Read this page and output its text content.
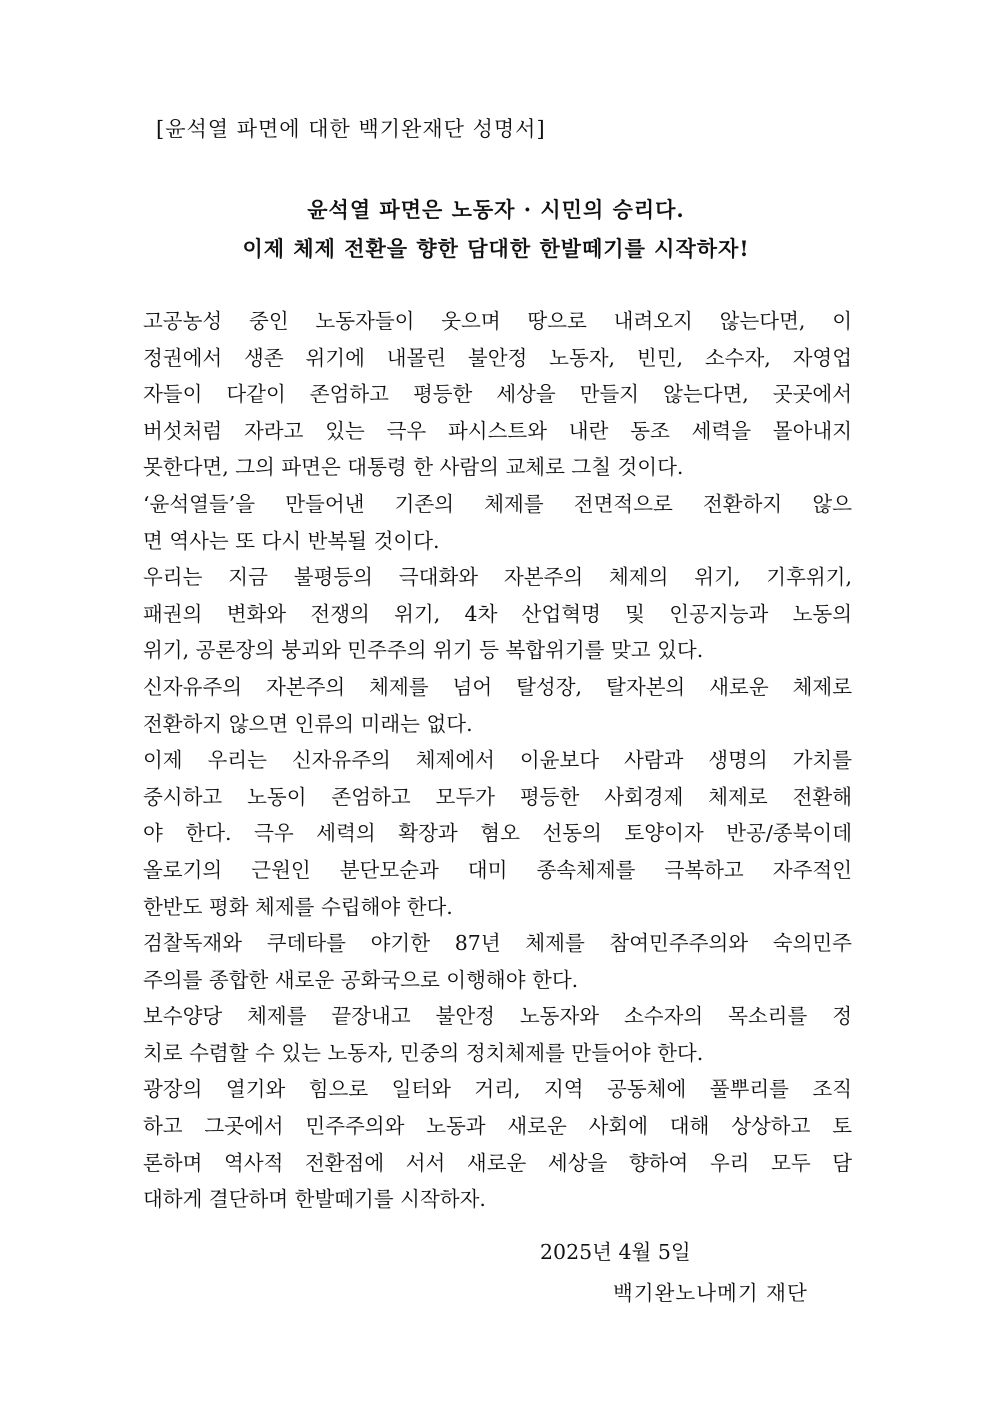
[윤석열 파면에 대한 백기완재단 성명서]
윤석열 파면은 노동자 · 시민의 승리다.
이제 체제 전환을 향한 담대한 한발떼기를 시작하자!
고공농성 중인 노동자들이 웃으며 땅으로 내려오지 않는다면, 이
정권에서 생존 위기에 내몰린 불안정 노동자, 빈민, 소수자, 자영업
자들이 다같이 존엄하고 평등한 세상을 만들지 않는다면, 곳곳에서
버섯처럼 자라고 있는 극우 파시스트와 내란 동조 세력을 몰아내지
못한다면, 그의 파면은 대통령 한 사람의 교체로 그칠 것이다.
‘윤석열들’을 만들어낸 기존의 체제를 전면적으로 전환하지 않으
면 역사는 또 다시 반복될 것이다.
우리는 지금 불평등의 극대화와 자본주의 체제의 위기, 기후위기,
패권의 변화와 전쟁의 위기, 4차 산업혁명 및 인공지능과 노동의
위기, 공론장의 붕괴와 민주주의 위기 등 복합위기를 맞고 있다.
신자유주의 자본주의 체제를 넘어 탈성장, 탈자본의 새로운 체제로
전환하지 않으면 인류의 미래는 없다.
이제 우리는 신자유주의 체제에서 이윤보다 사람과 생명의 가치를
중시하고 노동이 존엄하고 모두가 평등한 사회경제 체제로 전환해
야 한다. 극우 세력의 확장과 혐오 선동의 토양이자 반공/종북이데
올로기의 근원인 분단모순과 대미 종속체제를 극복하고 자주적인
한반도 평화 체제를 수립해야 한다.
검찰독재와 쿠데타를 야기한 87년 체제를 참여민주주의와 숙의민주
주의를 종합한 새로운 공화국으로 이행해야 한다.
보수양당 체제를 끝장내고 불안정 노동자와 소수자의 목소리를 정
치로 수렴할 수 있는 노동자, 민중의 정치체제를 만들어야 한다.
광장의 열기와 힘으로 일터와 거리, 지역 공동체에 풀뿌리를 조직
하고 그곳에서 민주주의와 노동과 새로운 사회에 대해 상상하고 토
론하며 역사적 전환점에 서서 새로운 세상을 향하여 우리 모두 담
대하게 결단하며 한발떼기를 시작하자.
2025년 4월 5일
백기완노나메기 재단
